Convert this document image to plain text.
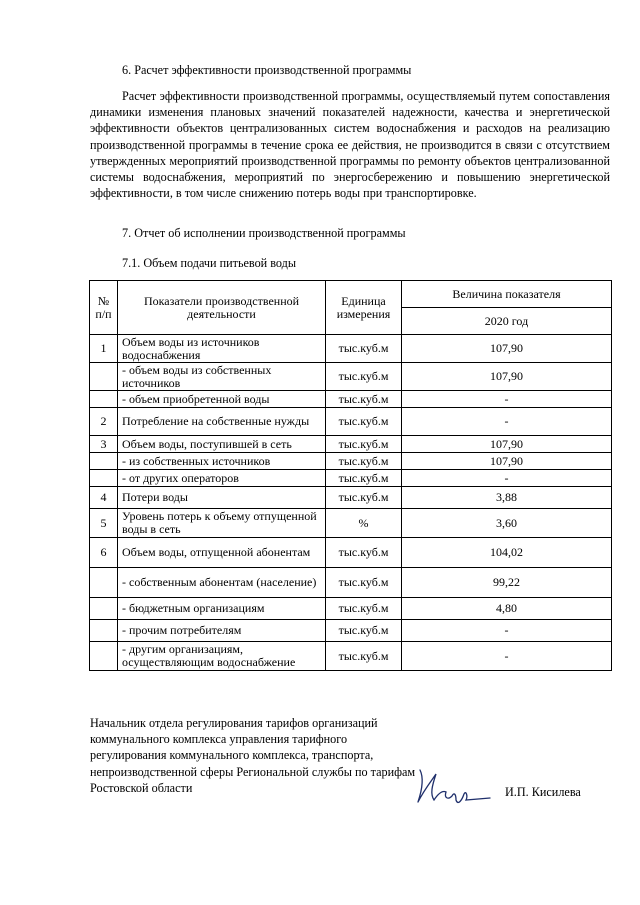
6. Расчет эффективности производственной программы

Расчет эффективности производственной программы, осуществляемый путем сопоставления динамики изменения плановых значений показателей надежности, качества и энергетической эффективности объектов централизованных систем водоснабжения и расходов на реализацию производственной программы в течение срока ее действия, не производится в связи с отсутствием утвержденных мероприятий производственной программы по ремонту объектов централизованной системы водоснабжения, мероприятий по энергосбережению и повышению энергетической эффективности, в том числе снижению потерь воды при транспортировке.

7. Отчет об исполнении производственной программы
7.1. Объем подачи питьевой воды
№ п/п	Показатели производственной деятельности	Единица измерения	Величина показателя
			2020 год
1	Объем воды из источников водоснабжения	тыс.куб.м	107,90
	- объем воды из собственных источников	тыс.куб.м	107,90
	- объем приобретенной воды	тыс.куб.м	-
2	Потребление на собственные нужды	тыс.куб.м	-
3	Объем воды, поступившей в сеть	тыс.куб.м	107,90
	- из собственных источников	тыс.куб.м	107,90
	- от других операторов	тыс.куб.м	-
4	Потери воды	тыс.куб.м	3,88
5	Уровень потерь к объему отпущенной воды в сеть	%	3,60
6	Объем воды, отпущенной абонентам	тыс.куб.м	104,02
	- собственным абонентам (население)	тыс.куб.м	99,22
	- бюджетным организациям	тыс.куб.м	4,80
	- прочим потребителям	тыс.куб.м	-
	- другим организациям, осуществляющим водоснабжение	тыс.куб.м	-

Начальник отдела регулирования тарифов организаций коммунального комплекса управления тарифного регулирования коммунального комплекса, транспорта, непроизводственной сферы Региональной службы по тарифам Ростовской области	И.П. Кисилева
